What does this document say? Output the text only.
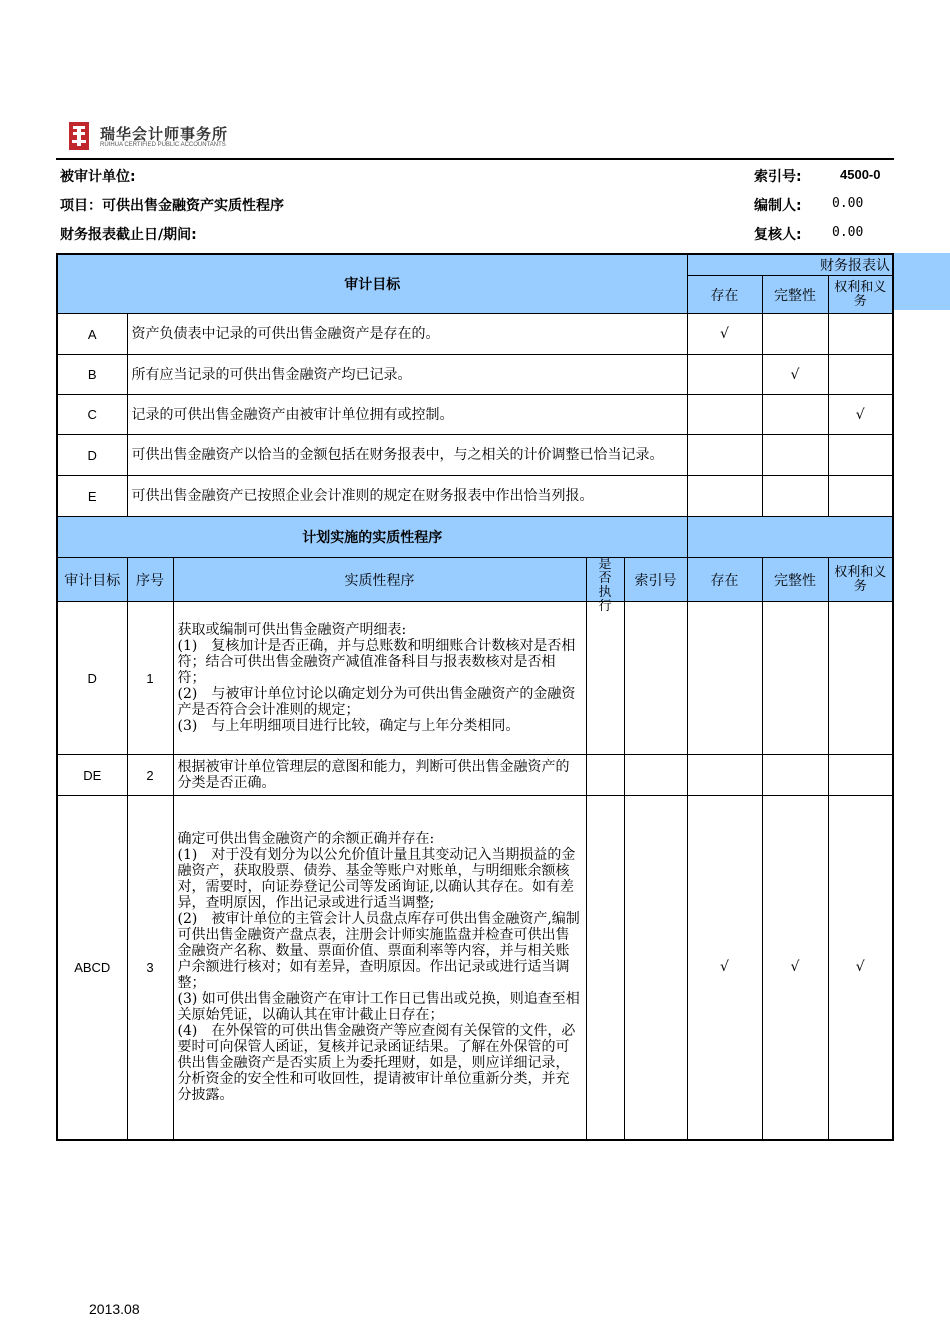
瑞华会计师事务所
RUIHUA CERTIFIED PUBLIC ACCOUNTANTS
被审计单位:	索引号:	4500-0
项目：可供出售金融资产实质性程序	编制人: 0.00
财务报表截止日/期间:	复核人: 0.00
审计目标					财务报表认		
					存在	完整性	权利和义务
A	资产负债表中记录的可供出售金融资产是存在的。				√		
B	所有应当记录的可供出售金融资产均已记录。					√	
C	记录的可供出售金融资产由被审计单位拥有或控制。						√
D	可供出售金融资产以恰当的金额包括在财务报表中，与之相关的计价调整已恰当记录。						
E	可供出售金融资产已按照企业会计准则的规定在财务报表中作出恰当列报。						
计划实施的实质性程序							
审计目标	序号	实质性程序	是否执行	索引号	存在	完整性	权利和义务
D	1	获取或编制可供出售金融资产明细表:
(1)　复核加计是否正确，并与总账数和明细账合计数核对是否相符；结合可供出售金融资产减值准备科目与报表数核对是否相符；
(2)　与被审计单位讨论以确定划分为可供出售金融资产的金融资产是否符合会计准则的规定；
(3)　与上年明细项目进行比较，确定与上年分类相同。					

DE	2	根据被审计单位管理层的意图和能力，判断可供出售金融资产的分类是否正确。					

ABCD	3	确定可供出售金融资产的余额正确并存在:
(1)　对于没有划分为以公允价值计量且其变动记入当期损益的金融资产，获取股票、债券、基金等账户对账单，与明细账余额核对，需要时，向证券登记公司等发函询证,以确认其存在。如有差异，查明原因，作出记录或进行适当调整;
(2)　被审计单位的主管会计人员盘点库存可供出售金融资产,编制可供出售金融资产盘点表，注册会计师实施监盘并检查可供出售金融资产名称、数量、票面价值、票面利率等内容，并与相关账户余额进行核对；如有差异，查明原因。作出记录或进行适当调整；
(3) 如可供出售金融资产在审计工作日已售出或兑换，则追查至相关原始凭证，以确认其在审计截止日存在；
(4)　在外保管的可供出售金融资产等应查阅有关保管的文件，必要时可向保管人函证，复核并记录函证结果。了解在外保管的可供出售金融资产是否实质上为委托理财，如是，则应详细记录，分析资金的安全性和可收回性，提请被审计单位重新分类，并充分披露。			√	√	√
2013.08
